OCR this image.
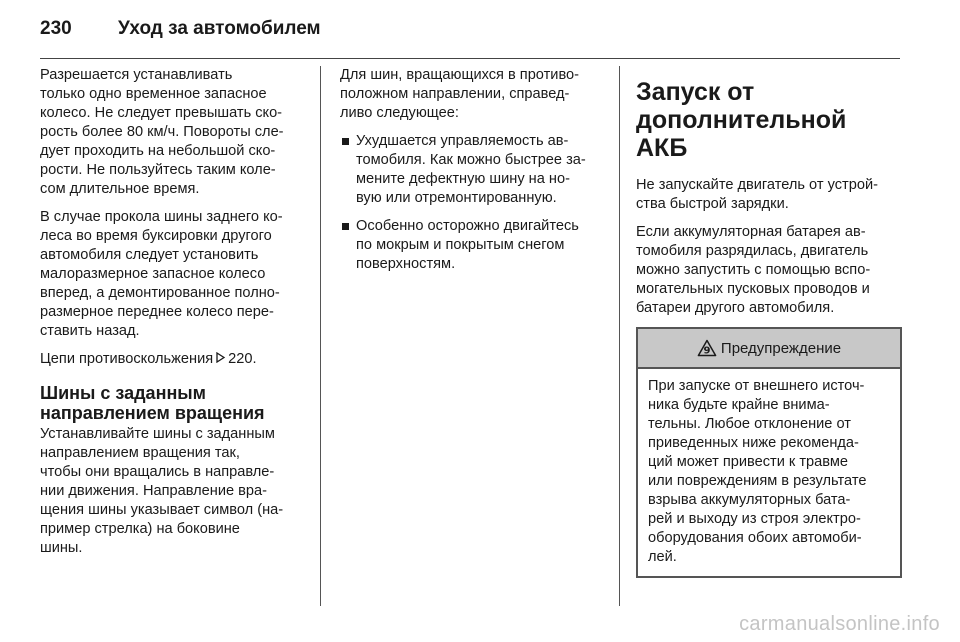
230 Уход за автомобилем

Разрешается устанавливать
только одно временное запасное
колесо. Не следует превышать ско‐
рость более 80 км/ч. Повороты сле‐
дует проходить на небольшой ско‐
рости. Не пользуйтесь таким коле‐
сом длительное время.

В случае прокола шины заднего ко‐
леса во время буксировки другого
автомобиля следует установить
малоразмерное запасное колесо
вперед, а демонтированное полно‐
размерное переднее колесо пере‐
ставить назад.

Цепи противоскольжения 220.

Шины с заданным
направлением вращения

Устанавливайте шины с заданным
направлением вращения так,
чтобы они вращались в направле‐
нии движения. Направление вра‐
щения шины указывает символ (на‐
пример стрелка) на боковине
шины.

Для шин, вращающихся в противо‐
положном направлении, справед‐
ливо следующее:

Ухудшается управляемость ав‐
томобиля. Как можно быстрее за‐
мените дефектную шину на но‐
вую или отремонтированную.
Особенно осторожно двигайтесь
по мокрым и покрытым снегом
поверхностям.
Запуск от
дополнительной АКБ

Не запускайте двигатель от устрой‐
ства быстрой зарядки.

Если аккумуляторная батарея ав‐
томобиля разрядилась, двигатель
можно запустить с помощью вспо‐
могательных пусковых проводов и
батареи другого автомобиля.

9 Предупреждение

При запуске от внешнего источ‐
ника будьте крайне внима‐
тельны. Любое отклонение от
приведенных ниже рекоменда‐
ций может привести к травме
или повреждениям в результате
взрыва аккумуляторных бата‐
рей и выходу из строя электро‐
оборудования обоих автомоби‐
лей.

carmanualsonline.info
